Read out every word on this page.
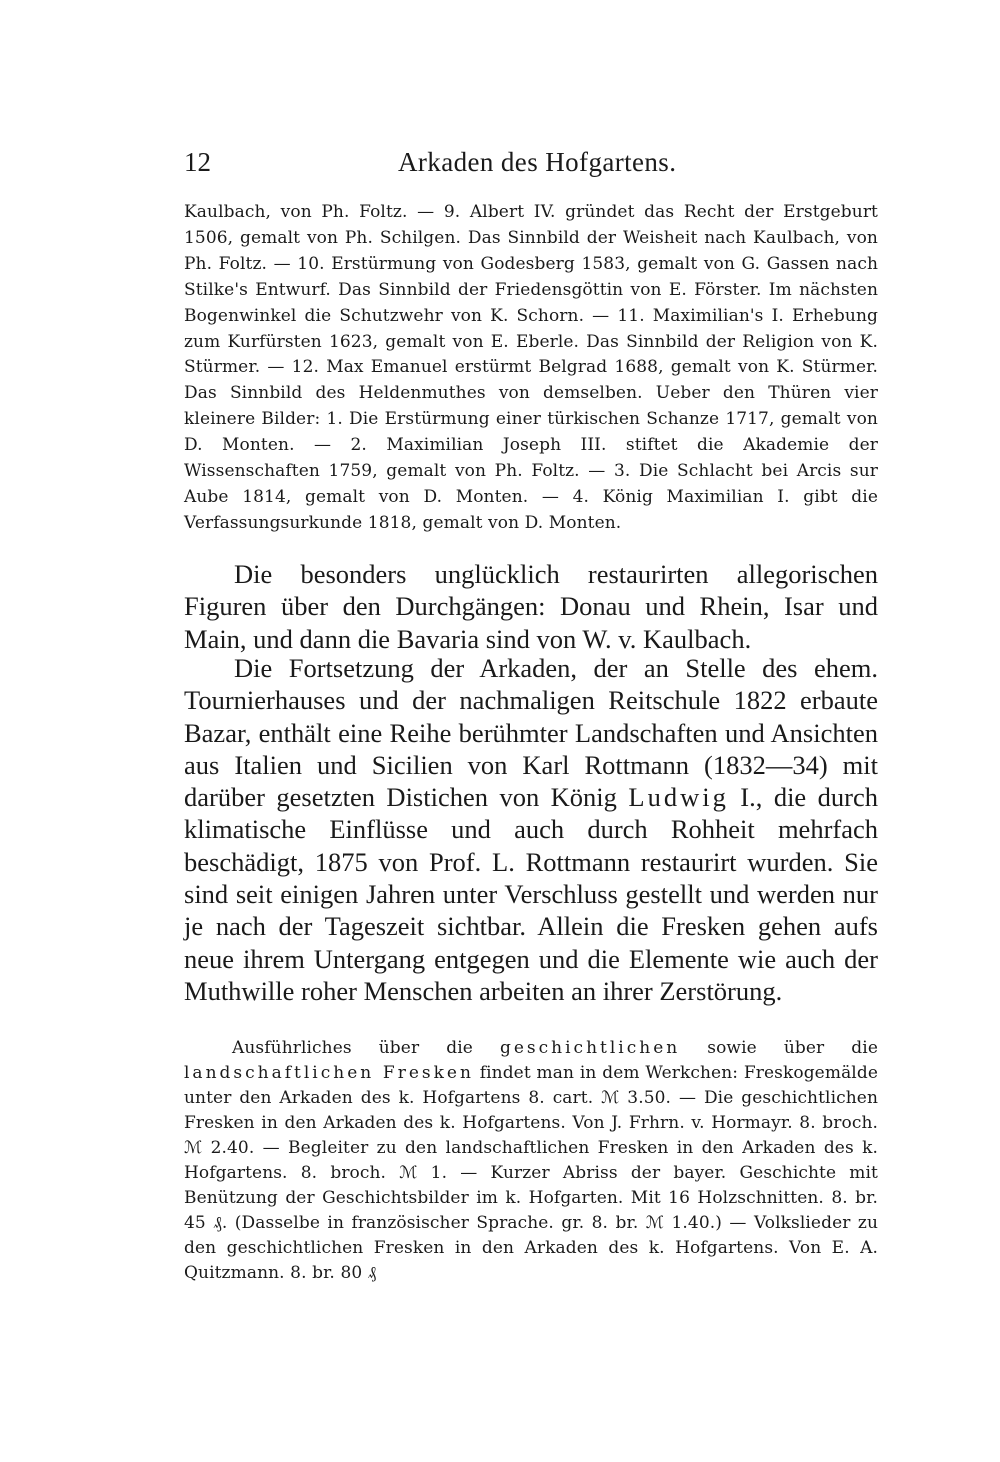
12	Arkaden des Hofgartens.

Kaulbach, von Ph. Foltz. — 9. Albert IV. gründet das Recht der Erstgeburt 1506, gemalt von Ph. Schilgen. Das Sinnbild der Weisheit nach Kaulbach, von Ph. Foltz. — 10. Erstürmung von Godesberg 1583, gemalt von G. Gassen nach Stilke's Entwurf. Das Sinnbild der Friedensgöttin von E. Förster. Im nächsten Bogenwinkel die Schutzwehr von K. Schorn. — 11. Maximilian's I. Erhebung zum Kurfürsten 1623, gemalt von E. Eberle. Das Sinnbild der Religion von K. Stürmer. — 12. Max Emanuel erstürmt Belgrad 1688, gemalt von K. Stürmer. Das Sinnbild des Heldenmuthes von demselben. Ueber den Thüren vier kleinere Bilder: 1. Die Erstürmung einer türkischen Schanze 1717, gemalt von D. Monten. — 2. Maximilian Joseph III. stiftet die Akademie der Wissenschaften 1759, gemalt von Ph. Foltz. — 3. Die Schlacht bei Arcis sur Aube 1814, gemalt von D. Monten. — 4. König Maximilian I. gibt die Verfassungsurkunde 1818, gemalt von D. Monten.

Die besonders unglücklich restaurirten allegorischen Figuren über den Durchgängen: Donau und Rhein, Isar und Main, und dann die Bavaria sind von W. v. Kaulbach.

Die Fortsetzung der Arkaden, der an Stelle des ehem. Tournierhauses und der nachmaligen Reitschule 1822 erbaute Bazar, enthält eine Reihe berühmter Landschaften und Ansichten aus Italien und Sicilien von Karl Rottmann (1832—34) mit darüber gesetzten Distichen von König Ludwig I., die durch klimatische Einflüsse und auch durch Rohheit mehrfach beschädigt, 1875 von Prof. L. Rottmann restaurirt wurden. Sie sind seit einigen Jahren unter Verschluss gestellt und werden nur je nach der Tageszeit sichtbar. Allein die Fresken gehen aufs neue ihrem Untergang entgegen und die Elemente wie auch der Muthwille roher Menschen arbeiten an ihrer Zerstörung.

Ausführliches über die geschichtlichen sowie über die landschaftlichen Fresken findet man in dem Werkchen: Freskogemälde unter den Arkaden des k. Hofgartens 8. cart. ℳ 3.50. — Die geschichtlichen Fresken in den Arkaden des k. Hofgartens. Von J. Frhrn. v. Hormayr. 8. broch. ℳ 2.40. — Begleiter zu den landschaftlichen Fresken in den Arkaden des k. Hofgartens. 8. broch. ℳ 1. — Kurzer Abriss der bayer. Geschichte mit Benützung der Geschichtsbilder im k. Hofgarten. Mit 16 Holzschnitten. 8. br. 45 ₰. (Dasselbe in französischer Sprache. gr. 8. br. ℳ 1.40.) — Volkslieder zu den geschichtlichen Fresken in den Arkaden des k. Hofgartens. Von E. A. Quitzmann. 8. br. 80 ₰
